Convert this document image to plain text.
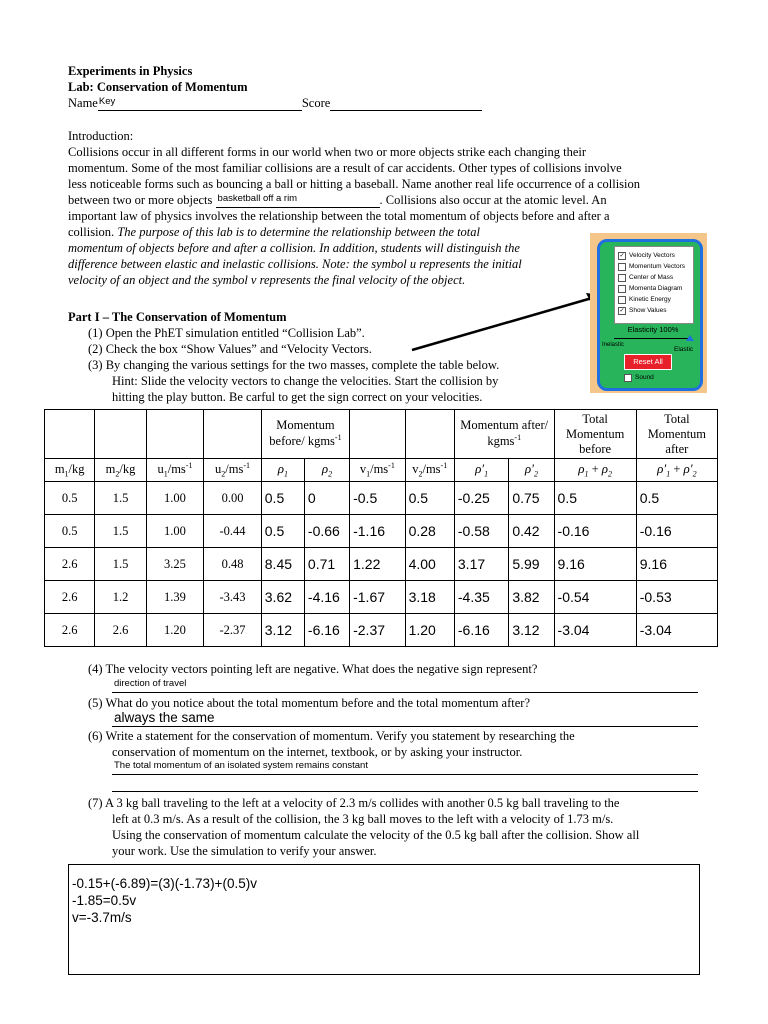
Experiments in Physics
Lab: Conservation of Momentum
Name Key	Score

Introduction:

Collisions occur in all different forms in our world when two or more objects strike each changing their

momentum. Some of the most familiar collisions are a result of car accidents. Other types of collisions involve

less noticeable forms such as bouncing a ball or hitting a baseball. Name another real life occurrence of a collision

between two or more objects basketball off a rim	. Collisions also occur at the atomic level. An

important law of physics involves the relationship between the total momentum of objects before and after a

collision. The purpose of this lab is to determine the relationship between the total

momentum of objects before and after a collision. In addition, students will distinguish the

difference between elastic and inelastic collisions. Note: the symbol u represents the initial

velocity of an object and the symbol v represents the final velocity of the object.

Part I – The Conservation of Momentum
(1) Open the PhET simulation entitled “Collision Lab”.
(2) Check the box “Show Values” and “Velocity Vectors.
(3) By changing the various settings for the two masses, complete the table below.
Hint: Slide the velocity vectors to change the velocities. Start the collision by
hitting the play button. Be carful to get the sign correct on your velocities.
✓ Velocity Vectors
Momentum Vectors
Center of Mass
Momenta Diagram
Kinetic Energy
✓ Show Values
Elasticity 100%
Inelastic
Elastic
Reset All
Sound
				Momentum before/ kgms$^{-1}$				Momentum after/ kgms$^{-1}$		Total Momentum before	Total Momentum after
$m_1/kg$	$m_2/kg$	$u_1/ms^{-1}$	$u_2/ms^{-1}$	$\rho_1$	$\rho_2$	$v_1/ms^{-1}$	$v_2/ms^{-1}$	$\rho'_1$	$\rho'_2$	$\rho_1 + \rho_2$	$\rho'_1 + \rho'_2$
0.5	1.5	1.00	0.00	0.5	0	-0.5	0.5	-0.25	0.75	0.5	0.5
0.5	1.5	1.00	-0.44	0.5	-0.66	-1.16	0.28	-0.58	0.42	-0.16	-0.16
2.6	1.5	3.25	0.48	8.45	0.71	1.22	4.00	3.17	5.99	9.16	9.16
2.6	1.2	1.39	-3.43	3.62	-4.16	-1.67	3.18	-4.35	3.82	-0.54	-0.53
2.6	2.6	1.20	-2.37	3.12	-6.16	-2.37	1.20	-6.16	3.12	-3.04	-3.04
(4) The velocity vectors pointing left are negative. What does the negative sign represent?
direction of travel
(5) What do you notice about the total momentum before and the total momentum after?
always the same
(6) Write a statement for the conservation of momentum. Verify you statement by researching the
conservation of momentum on the internet, textbook, or by asking your instructor.
The total momentum of an isolated system remains constant
(7) A 3 kg ball traveling to the left at a velocity of 2.3 m/s collides with another 0.5 kg ball traveling to the
left at 0.3 m/s. As a result of the collision, the 3 kg ball moves to the left with a velocity of 1.73 m/s.
Using the conservation of momentum calculate the velocity of the 0.5 kg ball after the collision. Show all
your work. Use the simulation to verify your answer.
-0.15+(-6.89)=(3)(-1.73)+(0.5)v
-1.85=0.5v
v=-3.7m/s
